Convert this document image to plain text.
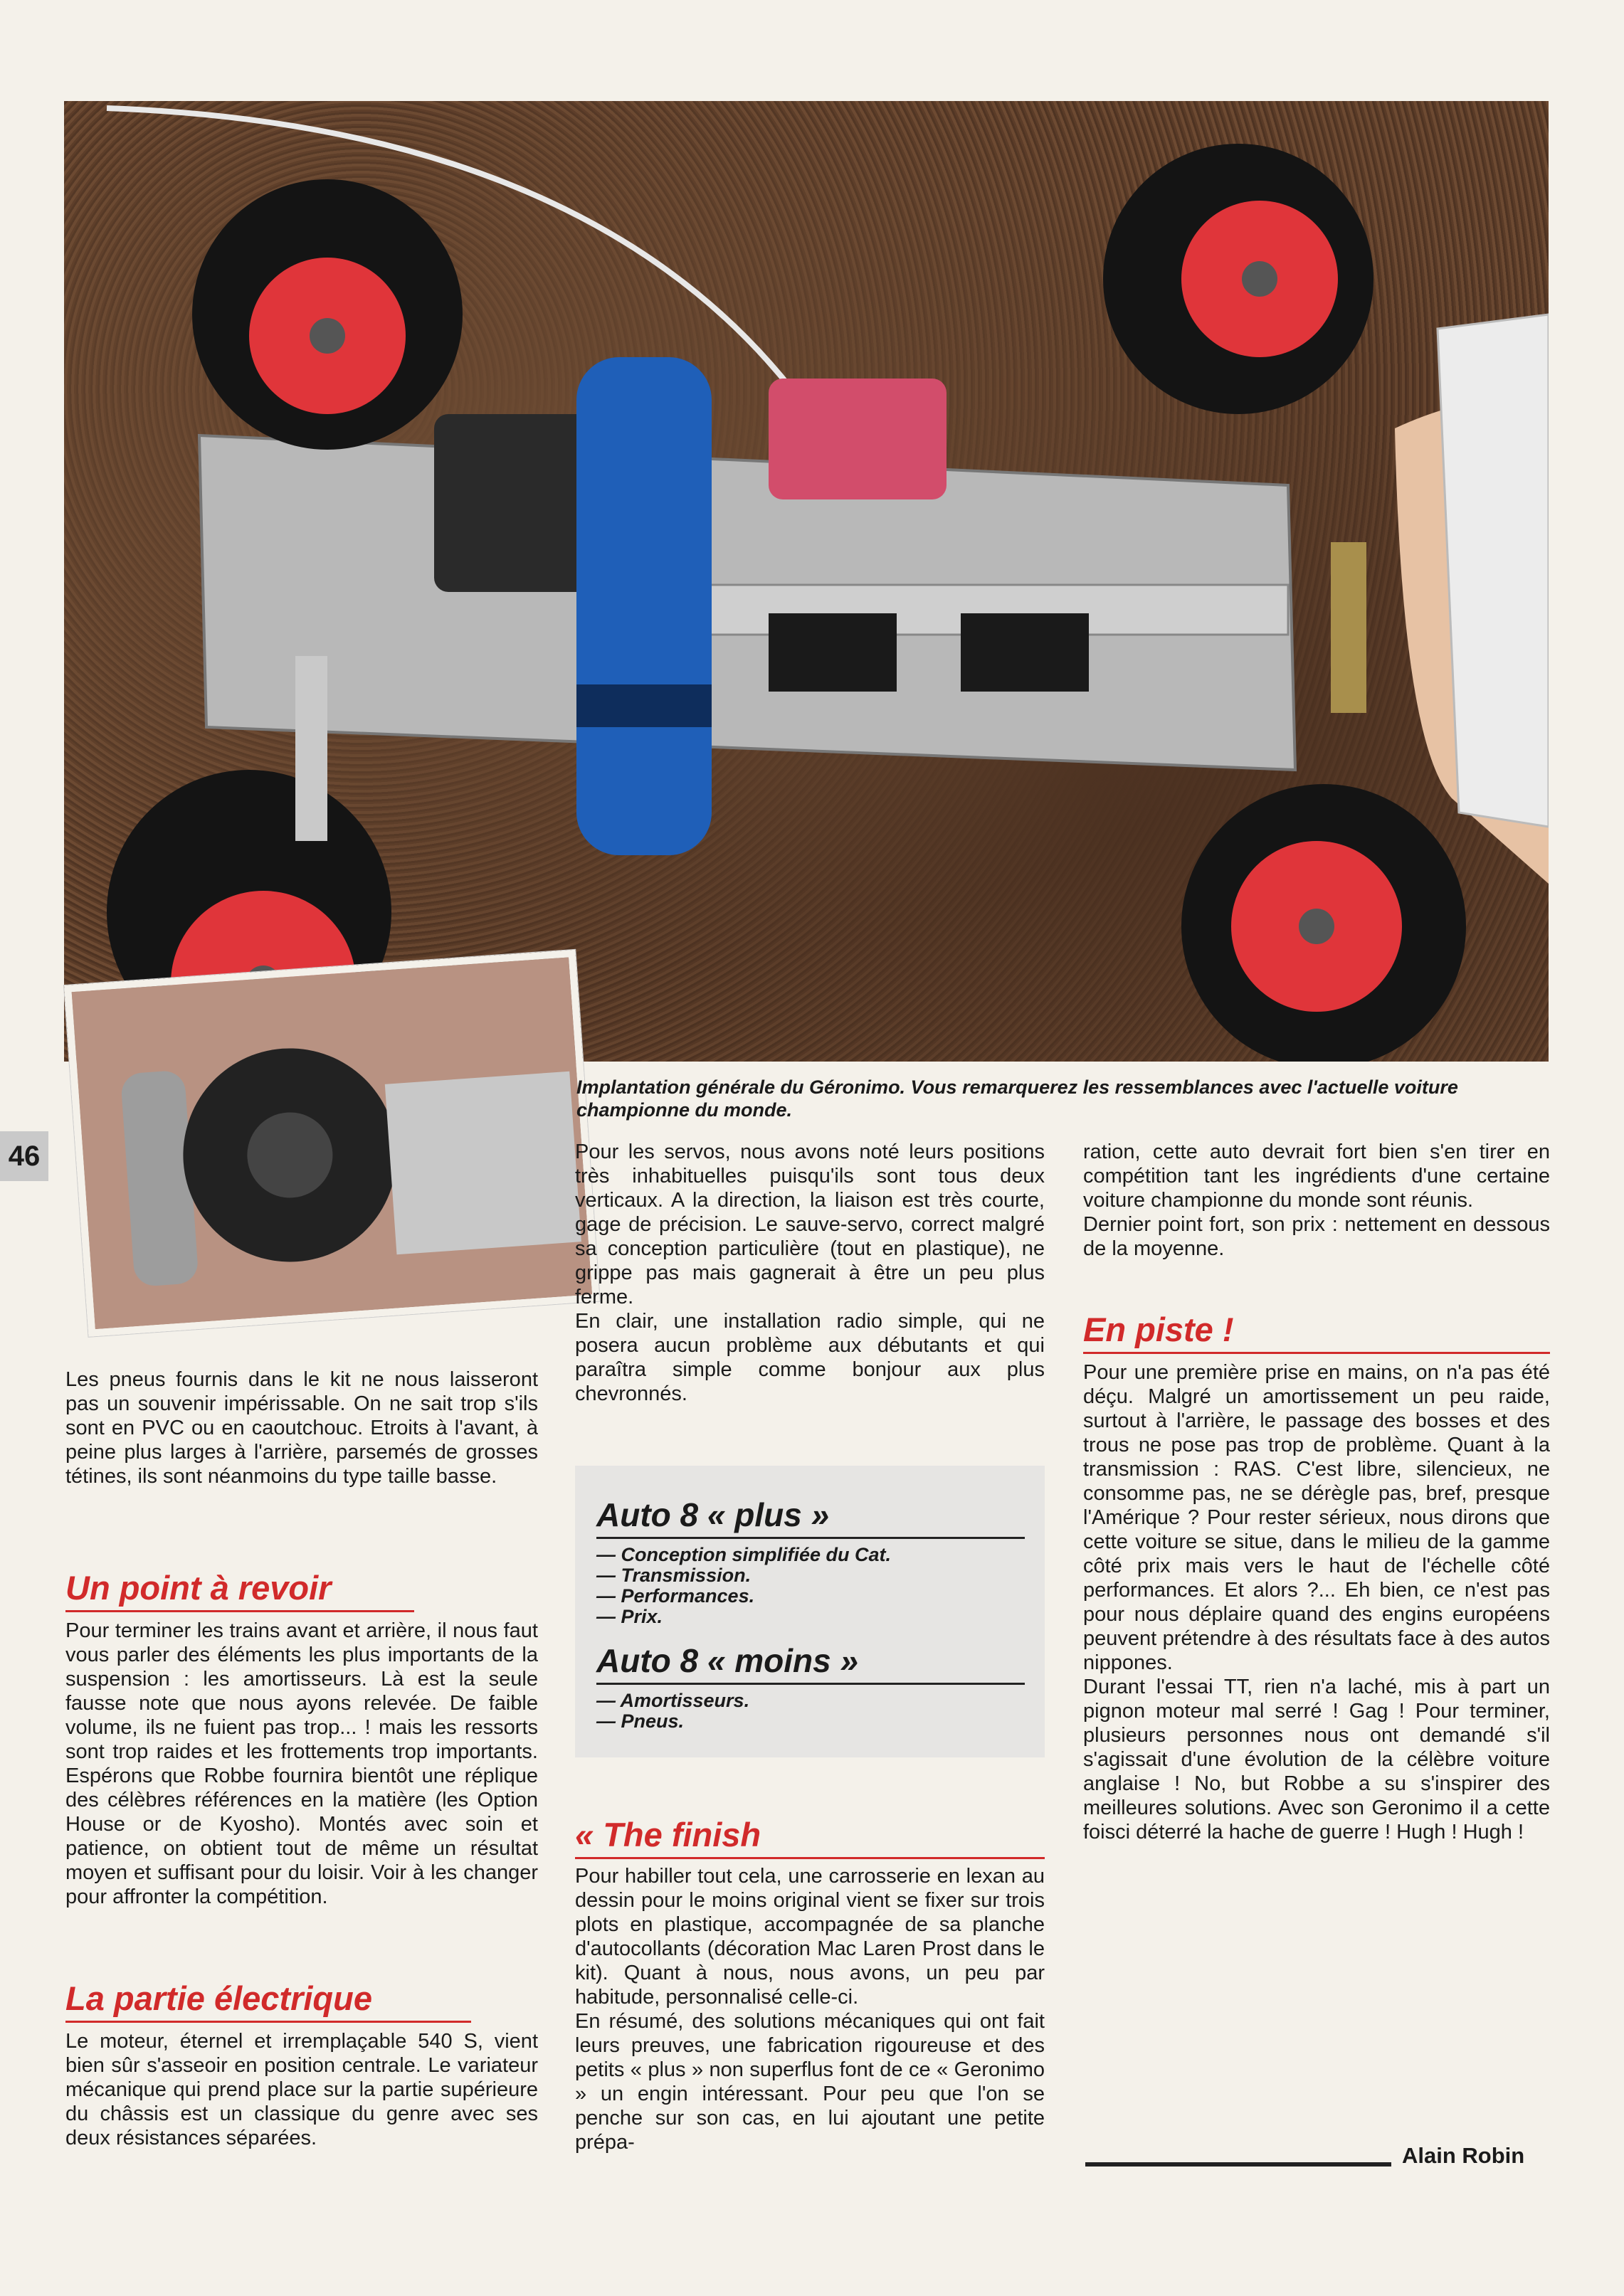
46
Implantation générale du Géronimo. Vous remarquerez les ressemblances avec l'actuelle voiture championne du monde.

Les pneus fournis dans le kit ne nous laisseront pas un souvenir impérissable. On ne sait trop s'ils sont en PVC ou en caoutchouc. Etroits à l'avant, à peine plus larges à l'arrière, parsemés de grosses tétines, ils sont néanmoins du type taille basse.

Un point à revoir
Pour terminer les trains avant et arrière, il nous faut vous parler des éléments les plus importants de la suspension : les amortisseurs. Là est la seule fausse note que nous ayons relevée. De faible volume, ils ne fuient pas trop... ! mais les ressorts sont trop raides et les frottements trop importants. Espérons que Robbe fournira bientôt une réplique des célèbres références en la matière (les Option House or de Kyosho). Montés avec soin et patience, on obtient tout de même un résultat moyen et suffisant pour du loisir. Voir à les changer pour affronter la compétition.
La partie électrique
Le moteur, éternel et irremplaçable 540 S, vient bien sûr s'asseoir en position centrale. Le variateur mécanique qui prend place sur la partie supérieure du châssis est un classique du genre avec ses deux résistances séparées.

Pour les servos, nous avons noté leurs positions très inhabituelles puisqu'ils sont tous deux verticaux. A la direction, la liaison est très courte, gage de précision. Le sauve-servo, correct malgré sa conception particulière (tout en plastique), ne grippe pas mais gagnerait à être un peu plus ferme.

En clair, une installation radio simple, qui ne posera aucun problème aux débutants et qui paraîtra simple comme bonjour aux plus chevronnés.

Auto 8 « plus »
— Conception simplifiée du Cat.
— Transmission.
— Performances.
— Prix.
Auto 8 « moins »
— Amortisseurs.
— Pneus.
« The finish

Pour habiller tout cela, une carrosserie en lexan au dessin pour le moins original vient se fixer sur trois plots en plastique, accompagnée de sa planche d'autocollants (décoration Mac Laren Prost dans le kit). Quant à nous, nous avons, un peu par habitude, personnalisé celle-ci.

En résumé, des solutions mécaniques qui ont fait leurs preuves, une fabrication rigoureuse et des petits « plus » non superflus font de ce « Geronimo » un engin intéressant. Pour peu que l'on se penche sur son cas, en lui ajoutant une petite prépa-

ration, cette auto devrait fort bien s'en tirer en compétition tant les ingrédients d'une certaine voiture championne du monde sont réunis.

Dernier point fort, son prix : nettement en dessous de la moyenne.

En piste !

Pour une première prise en mains, on n'a pas été déçu. Malgré un amortissement un peu raide, surtout à l'arrière, le passage des bosses et des trous ne pose pas trop de problème. Quant à la transmission : RAS. C'est libre, silencieux, ne consomme pas, ne se dérègle pas, bref, presque l'Amérique ? Pour rester sérieux, nous dirons que cette voiture se situe, dans le milieu de la gamme côté prix mais vers le haut de l'échelle côté performances. Et alors ?... Eh bien, ce n'est pas pour nous déplaire quand des engins européens peuvent prétendre à des résultats face à des autos nippones.

Durant l'essai TT, rien n'a laché, mis à part un pignon moteur mal serré ! Gag ! Pour terminer, plusieurs personnes nous ont demandé s'il s'agissait d'une évolution de la célèbre voiture anglaise ! No, but Robbe a su s'inspirer des meilleures solutions. Avec son Geronimo il a cette foisci déterré la hache de guerre ! Hugh ! Hugh !

Alain Robin
